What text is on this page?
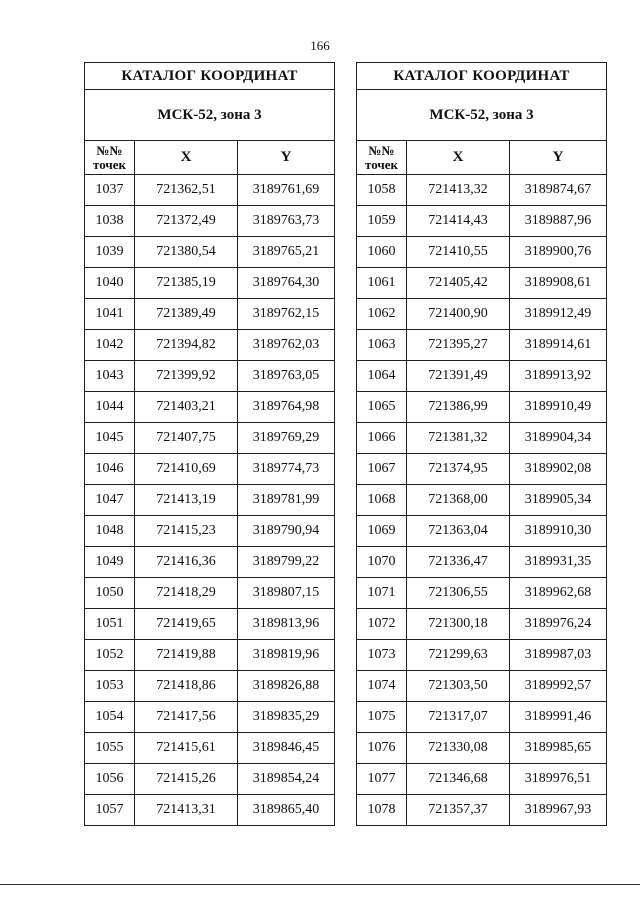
166
КАТАЛОГ КООРДИНАТ		
МСК-52, зона 3		

№№
точек	X	Y
1037	721362,51	3189761,69
1038	721372,49	3189763,73
1039	721380,54	3189765,21
1040	721385,19	3189764,30
1041	721389,49	3189762,15
1042	721394,82	3189762,03
1043	721399,92	3189763,05
1044	721403,21	3189764,98
1045	721407,75	3189769,29
1046	721410,69	3189774,73
1047	721413,19	3189781,99
1048	721415,23	3189790,94
1049	721416,36	3189799,22
1050	721418,29	3189807,15
1051	721419,65	3189813,96
1052	721419,88	3189819,96
1053	721418,86	3189826,88
1054	721417,56	3189835,29
1055	721415,61	3189846,45
1056	721415,26	3189854,24
1057	721413,31	3189865,40
КАТАЛОГ КООРДИНАТ		
МСК-52, зона 3		

№№
точек	X	Y
1058	721413,32	3189874,67
1059	721414,43	3189887,96
1060	721410,55	3189900,76
1061	721405,42	3189908,61
1062	721400,90	3189912,49
1063	721395,27	3189914,61
1064	721391,49	3189913,92
1065	721386,99	3189910,49
1066	721381,32	3189904,34
1067	721374,95	3189902,08
1068	721368,00	3189905,34
1069	721363,04	3189910,30
1070	721336,47	3189931,35
1071	721306,55	3189962,68
1072	721300,18	3189976,24
1073	721299,63	3189987,03
1074	721303,50	3189992,57
1075	721317,07	3189991,46
1076	721330,08	3189985,65
1077	721346,68	3189976,51
1078	721357,37	3189967,93
